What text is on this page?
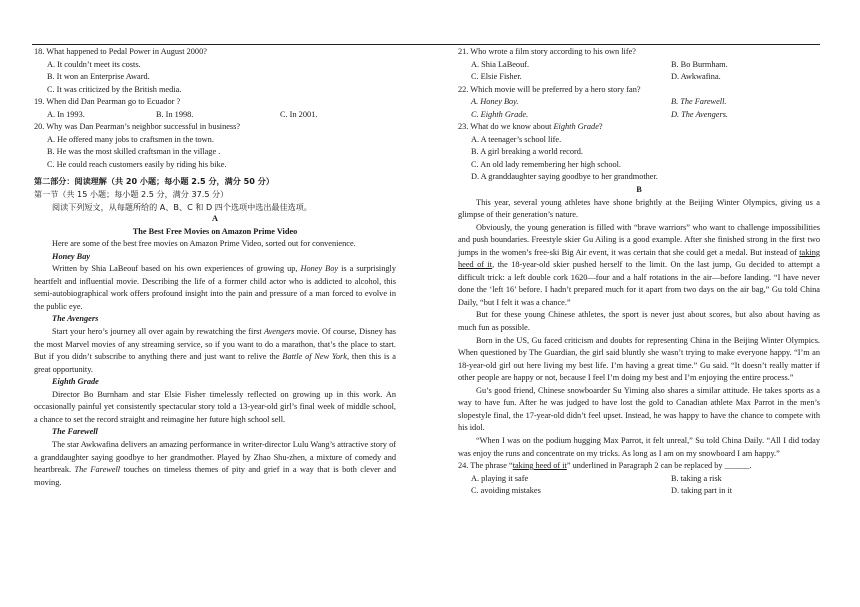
18. What happened to Pedal Power in August 2000?
A. It couldn’t meet its costs.
B. It won an Enterprise Award.
C. It was criticized by the British media.
19. When did Dan Pearman go to Ecuador ?
A. In 1993.	B. In 1998.	C. In 2001.
20. Why was Dan Pearman’s neighbor successful in business?
A. He offered many jobs to craftsmen in the town.
B. He was the most skilled craftsman in the village .
C. He could reach customers easily by riding his bike.
第二部分：阅读理解（共 20 小题；每小题 2.5 分，满分 50 分）
第一节（共 15 小题；每小题 2.5 分，满分 37.5 分）
阅读下列短文，从每题所给的 A、B、C 和 D 四个选项中选出最佳选项。
A
The Best Free Movies on Amazon Prime Video
Here are some of the best free movies on Amazon Prime Video, sorted out for convenience.
Honey Bay
Written by Shia LaBeouf based on his own experiences of growing up, Honey Boy is a surprisingly heartfelt and influential movie. Describing the life of a former child actor who is addicted to alcohol, this semi-autobiographical work offers profound insight into the pain and pressure of a man forced to evolve in the public eye.
The Avengers
Start your hero’s journey all over again by rewatching the first Avengers movie. Of course, Disney has the most Marvel movies of any streaming service, so if you want to do a marathon, that’s the place to start. But if you didn’t subscribe to anything there and just want to relive the Battle of New York, then this is a great opportunity.
Eighth Grade
Director Bo Burnham and star Elsie Fisher timelessly reflected on growing up in this work. An occasionally painful yet consistently spectacular story told a 13-year-old girl’s final week of middle school, a chance to set the record straight and reimagine her future high school sell.
The Farewell
The star Awkwafina delivers an amazing performance in writer-director Lulu Wang’s attractive story of a granddaughter saying goodbye to her grandmother. Played by Zhao Shu-zhen, a mixture of comedy and heartbreak. The Farewell touches on timeless themes of pity and grief in a way that is both clever and moving.
21. Who wrote a film story according to his own life?
A. Shia LaBeouf.	B. Bo Burmham.
C. Elsie Fisher.	D. Awkwafina.
22. Which movie will be preferred by a hero story fan?
A. Honey Boy.	B. The Farewell.
C. Eighth Grade.	D. The Avengers.
23. What do we know about Eighth Grade?
A. A teenager’s school life.
B. A girl breaking a world record.
C. An old lady remembering her high school.
D. A granddaughter saying goodbye to her grandmother.
B
This year, several young athletes have shone brightly at the Beijing Winter Olympics, giving us a glimpse of their generation’s nature.
Obviously, the young generation is filled with “brave warriors” who want to challenge impossibilities and push boundaries. Freestyle skier Gu Ailing is a good example. After she finished strong in the first two jumps in the women’s free-ski Big Air event, it was certain that she could get a medal. But instead of taking heed of it, the 18-year-old skier pushed herself to the limit. On the last jump, Gu decided to attempt a difficult trick: a left double cork 1620—four and a half rotations in the air—before landing. “I have never done the ‘left 16’ before. I hadn’t prepared much for it apart from two days on the air bag,” Gu told China Daily, “but I felt it was a chance.”
But for these young Chinese athletes, the sport is never just about scores, but also about having as much fun as possible.
Born in the US, Gu faced criticism and doubts for representing China in the Beijing Winter Olympics. When questioned by The Guardian, the girl said bluntly she wasn’t trying to make everyone happy. “I’m an 18-year-old girl out here living my best life. I’m having a great time.” Gu said. “It doesn’t really matter if other people are happy or not, because I feel I’m doing my best and I’m enjoying the entire process.”
Gu’s good friend, Chinese snowboarder Su Yiming also shares a similar attitude. He takes sports as a way to have fun. After he was judged to have lost the gold to Canadian athlete Max Parrot in the men’s slopestyle final, the 17-year-old didn’t feel upset. Instead, he was happy to have the chance to compete with his idol.
“When I was on the podium hugging Max Parrot, it felt unreal,” Su told China Daily. “All I did today was enjoy the runs and concentrate on my tricks. As long as I am on my snowboard I am happy.”
24. The phrase “taking heed of it” underlined in Paragraph 2 can be replaced by ______.
A. playing it safe	B. taking a risk
C. avoiding mistakes	D. taking part in it
